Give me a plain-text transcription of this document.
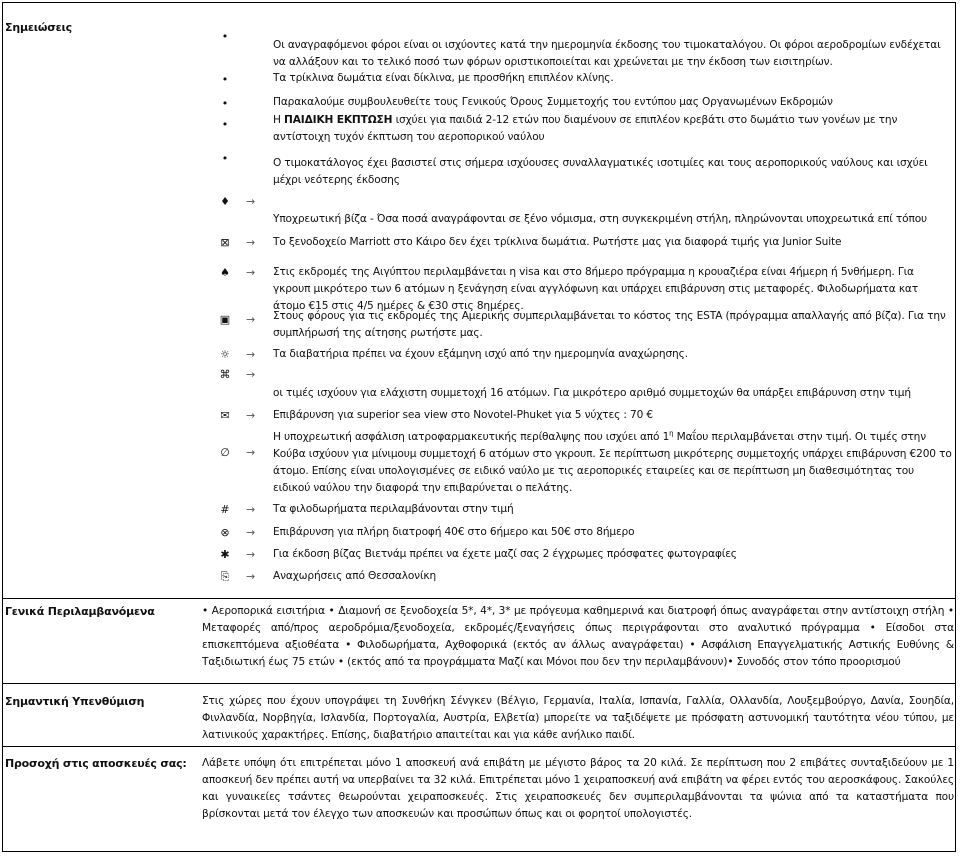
Σημειώσεις
•
Οι αναγραφόμενοι φόροι είναι οι ισχύοντες κατά την ημερομηνία έκδοσης του τιμοκαταλόγου. Οι φόροι αεροδρομίων ενδέχεται να αλλάξουν και το τελικό ποσό των φόρων οριστικοποιείται και χρεώνεται με την έκδοση των εισιτηρίων.
•	Τα τρίκλινα δωμάτια είναι δίκλινα, με προσθήκη επιπλέον κλίνης.
•	Παρακαλούμε συμβουλευθείτε τους Γενικούς Όρους Συμμετοχής του εντύπου μας Οργανωμένων Εκδρομών
•	Η ΠΑΙΔΙΚΗ ΕΚΠΤΩΣΗ ισχύει για παιδιά 2-12 ετών που διαμένουν σε επιπλέον κρεβάτι στο δωμάτιο των γονέων με την αντίστοιχη τυχόν έκπτωση του αεροπορικού ναύλου
•	Ο τιμοκατάλογος έχει βασιστεί στις σήμερα ισχύουσες συναλλαγματικές ισοτιμίες και τους αεροπορικούς ναύλους και ισχύει μέχρι νεότερης έκδοσης
♦ →
Υποχρεωτική βίζα - Όσα ποσά αναγράφονται σε ξένο νόμισμα, στη συγκεκριμένη στήλη, πληρώνονται υποχρεωτικά επί τόπου
⊠ → Το ξενοδοχείο Marriott στο Κάιρο δεν έχει τρίκλινα δωμάτια. Ρωτήστε μας για διαφορά τιμής για Junior Suite
♠ → Στις εκδρομές της Αιγύπτου περιλαμβάνεται η visa και στο 8ήμερο πρόγραμμα η κρουαζιέρα είναι 4ήμερη ή 5νθήμερη. Για γκρουπ μικρότερο των 6 ατόμων η ξενάγηση είναι αγγλόφωνη και υπάρχει επιβάρυνση στις μεταφορές. Φιλοδωρήματα κατ άτομο €15 στις 4/5 ημέρες & €30 στις 8ημέρες.
▣ → Στους φόρους για τις εκδρομές της Αμερικής συμπεριλαμβάνεται το κόστος της ESTA (πρόγραμμα απαλλαγής από βίζα). Για την συμπλήρωσή της αίτησης ρωτήστε μας.
☼ → Τα διαβατήρια πρέπει να έχουν εξάμηνη ισχύ από την ημερομηνία αναχώρησης.
⌘ →
οι τιμές ισχύουν για ελάχιστη συμμετοχή 16 ατόμων. Για μικρότερο αριθμό συμμετοχών θα υπάρξει επιβάρυνση στην τιμή
✉ → Επιβάρυνση για superior sea view στο Novotel-Phuket για 5 νύχτες : 70 €
∅ →
Η υποχρεωτική ασφάλιση ιατροφαρμακευτικής περίθαλψης που ισχύει από $1^\eta$ Μαΐου περιλαμβάνεται στην τιμή. Οι τιμές στην Κούβα ισχύουν για μίνιμουμ συμμετοχή 6 ατόμων στο γκρουπ. Σε περίπτωση μικρότερης συμμετοχής υπάρχει επιβάρυνση €200 το άτομο. Επίσης είναι υπολογισμένες σε ειδικό ναύλο με τις αεροπορικές εταιρείες και σε περίπτωση μη διαθεσιμότητας του ειδικού ναύλου την διαφορά την επιβαρύνεται ο πελάτης.
# → Τα φιλοδωρήματα περιλαμβάνονται στην τιμή
⊗ → Επιβάρυνση για πλήρη διατροφή 40€ στο 6ήμερο και 50€ στο 8ήμερο
✱ → Για έκδοση βίζας Βιετνάμ πρέπει να έχετε μαζί σας 2 έγχρωμες πρόσφατες φωτογραφίες
⎘ → Αναχωρήσεις από Θεσσαλονίκη
Γενικά Περιλαμβανόμενα	• Αεροπορικά εισιτήρια • Διαμονή σε ξενοδοχεία 5*, 4*, 3* με πρόγευμα καθημερινά και διατροφή όπως αναγράφεται στην αντίστοιχη στήλη • Μεταφορές από/προς αεροδρόμια/ξενοδοχεία, εκδρομές/ξεναγήσεις όπως περιγράφονται στο αναλυτικό πρόγραμμα • Είσοδοι στα επισκεπτόμενα αξιοθέατα • Φιλοδωρήματα, Αχθοφορικά (εκτός αν άλλως αναγράφεται) • Ασφάλιση Επαγγελματικής Αστικής Ευθύνης & Ταξιδιωτική έως 75 ετών • (εκτός από τα προγράμματα Μαζί και Μόνοι που δεν την περιλαμβάνουν)• Συνοδός στον τόπο προορισμού
Σημαντική Υπενθύμιση	Στις χώρες που έχουν υπογράψει τη Συνθήκη Σένγκεν (Βέλγιο, Γερμανία, Ιταλία, Ισπανία, Γαλλία, Ολλανδία, Λουξεμβούργο, Δανία, Σουηδία, Φινλανδία, Νορβηγία, Ισλανδία, Πορτογαλία, Αυστρία, Ελβετία) μπορείτε να ταξιδέψετε με πρόσφατη αστυνομική ταυτότητα νέου τύπου, με λατινικούς χαρακτήρες. Επίσης, διαβατήριο απαιτείται και για κάθε ανήλικο παιδί.
Προσοχή στις αποσκευές σας: Λάβετε υπόψη ότι επιτρέπεται μόνο 1 αποσκευή ανά επιβάτη με μέγιστο βάρος τα 20 κιλά. Σε περίπτωση που 2 επιβάτες συνταξιδεύουν με 1 αποσκευή δεν πρέπει αυτή να υπερβαίνει τα 32 κιλά. Επιτρέπεται μόνο 1 χειραποσκευή ανά επιβάτη να φέρει εντός του αεροσκάφους. Σακούλες και γυναικείες τσάντες θεωρούνται χειραποσκευές. Στις χειραποσκευές δεν συμπεριλαμβάνονται τα ψώνια από τα καταστήματα που βρίσκονται μετά τον έλεγχο των αποσκευών και προσώπων όπως και οι φορητοί υπολογιστές.
